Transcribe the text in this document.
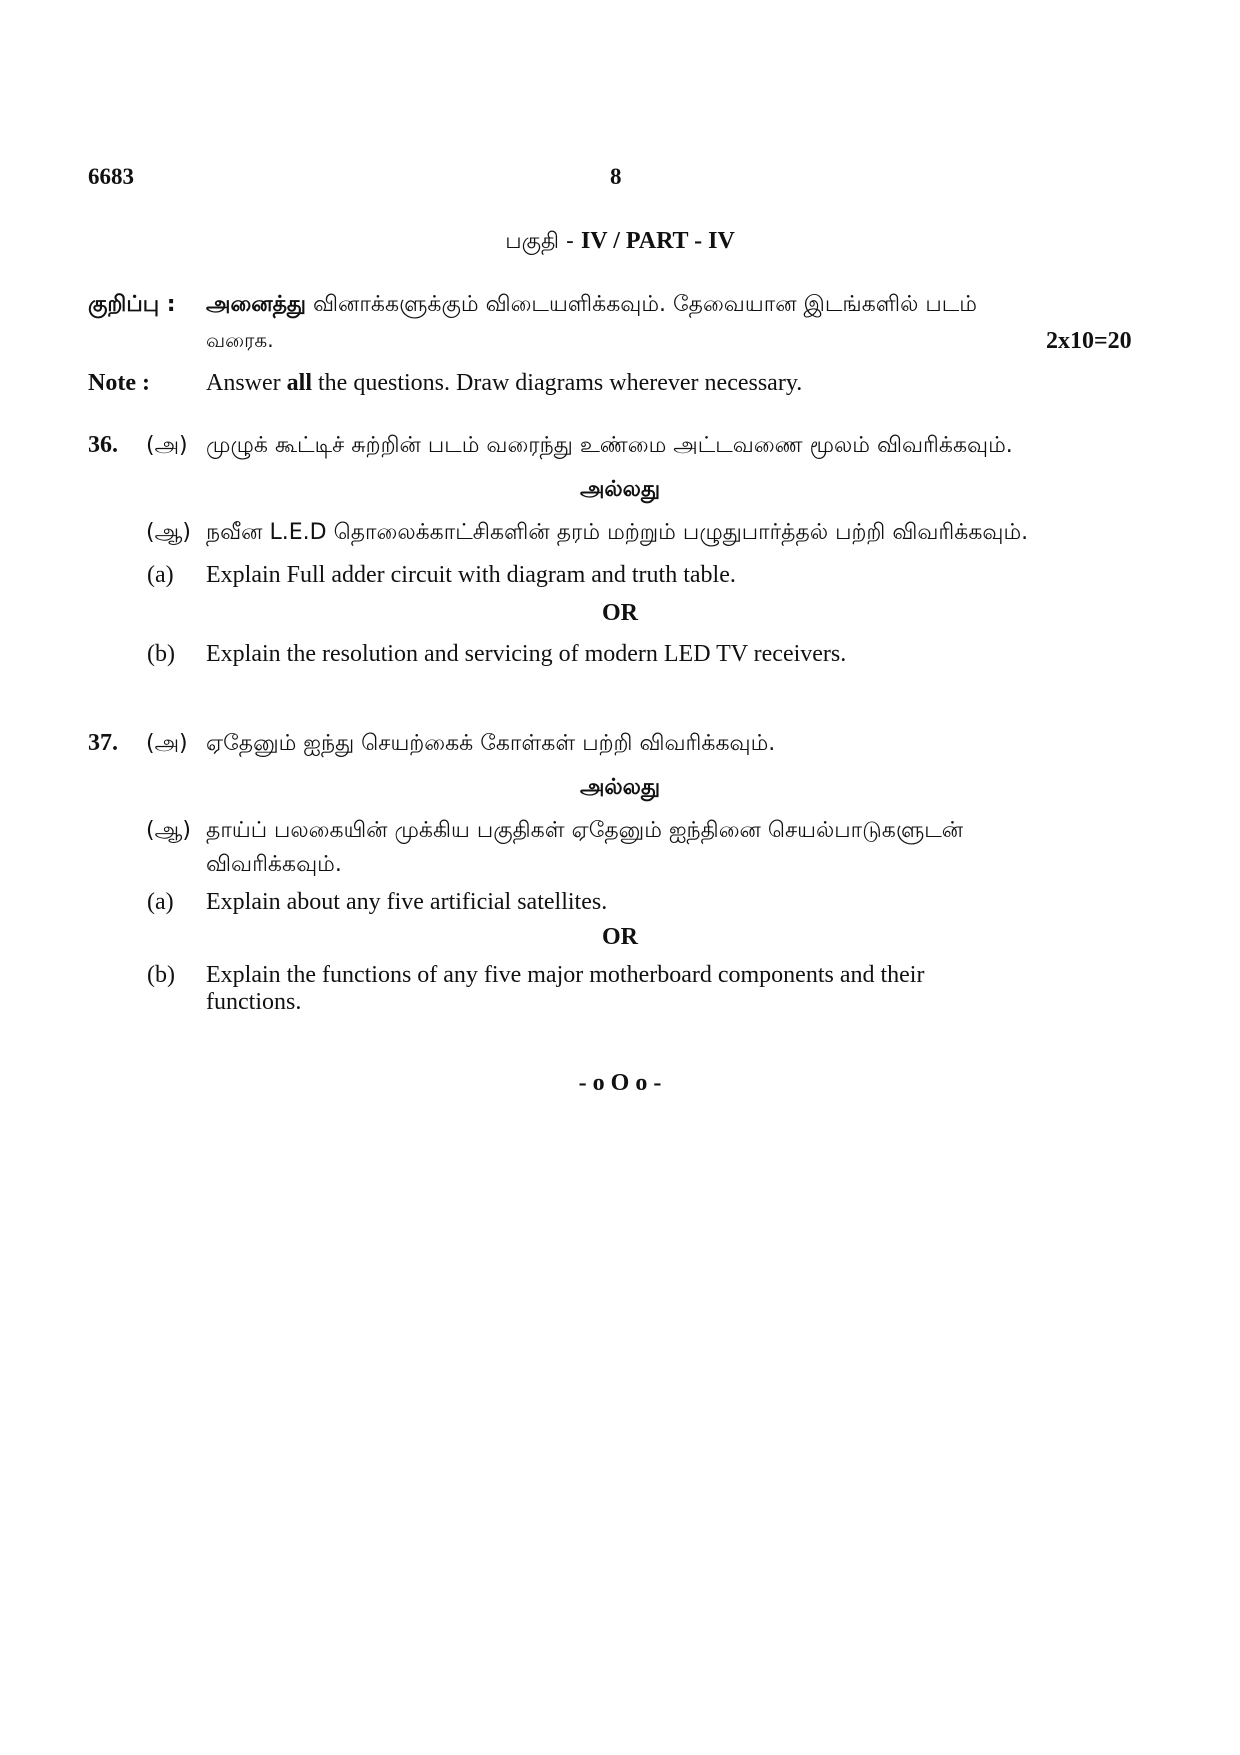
6683	8
பகுதி - IV / PART - IV
குறிப்பு : அனைத்து வினாக்களுக்கும் விடையளிக்கவும். தேவையான இடங்களில் படம்
வரைக.	2x10=20
Note : Answer all the questions. Draw diagrams wherever necessary.
36. (அ) முழுக் கூட்டிச் சுற்றின் படம் வரைந்து உண்மை அட்டவணை மூலம் விவரிக்கவும்.
அல்லது
(ஆ) நவீன L.E.D தொலைக்காட்சிகளின் தரம் மற்றும் பழுதுபார்த்தல் பற்றி விவரிக்கவும்.
(a) Explain Full adder circuit with diagram and truth table.
OR
(b) Explain the resolution and servicing of modern LED TV receivers.
37. (அ) ஏதேனும் ஐந்து செயற்கைக் கோள்கள் பற்றி விவரிக்கவும்.
அல்லது
(ஆ) தாய்ப் பலகையின் முக்கிய பகுதிகள் ஏதேனும் ஐந்தினை செயல்பாடுகளுடன்
விவரிக்கவும்.
(a) Explain about any five artificial satellites.
OR
(b) Explain the functions of any five major motherboard components and their
functions.
- o O o -
